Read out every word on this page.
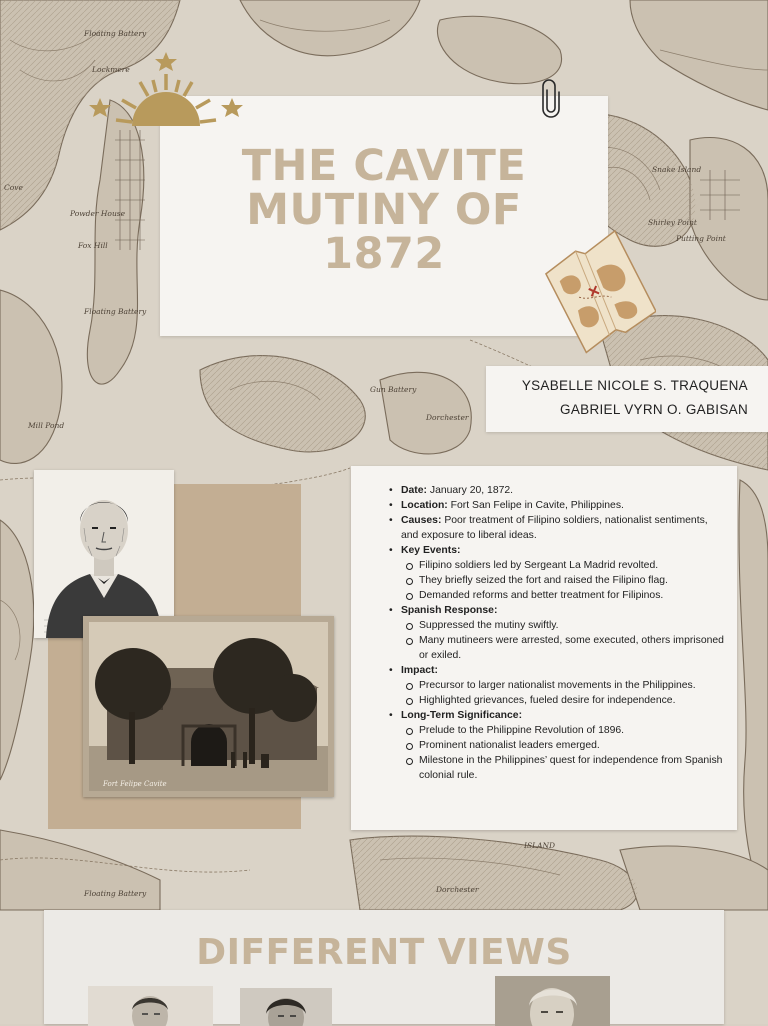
Floating Battery
Lockmere
Cove
Powder House
Fox Hill
Floating Battery
Snake Island
Shirley Point
Putting Point
Mill Pond
Dorchester
Gun Battery
Floating Battery	Dorchester
ISLAND
THE CAVITE
MUTINY OF
1872
YSABELLE NICOLE S. TRAQUENA
GABRIEL VYRN O. GABISAN
Fort Felipe Cavite
• Date: January 20, 1872.
• Location: Fort San Felipe in Cavite, Philippines.
• Causes: Poor treatment of Filipino soldiers, nationalist sentiments, and exposure to liberal ideas.
• Key Events:
Filipino soldiers led by Sergeant La Madrid revolted.
They briefly seized the fort and raised the Filipino flag.
Demanded reforms and better treatment for Filipinos.
• Spanish Response:
Suppressed the mutiny swiftly.
Many mutineers were arrested, some executed, others imprisoned or exiled.
• Impact:
Precursor to larger nationalist movements in the Philippines.
Highlighted grievances, fueled desire for independence.
• Long-Term Significance:
Prelude to the Philippine Revolution of 1896.
Prominent nationalist leaders emerged.
Milestone in the Philippines’ quest for independence from Spanish colonial rule.
DIFFERENT VIEWS
